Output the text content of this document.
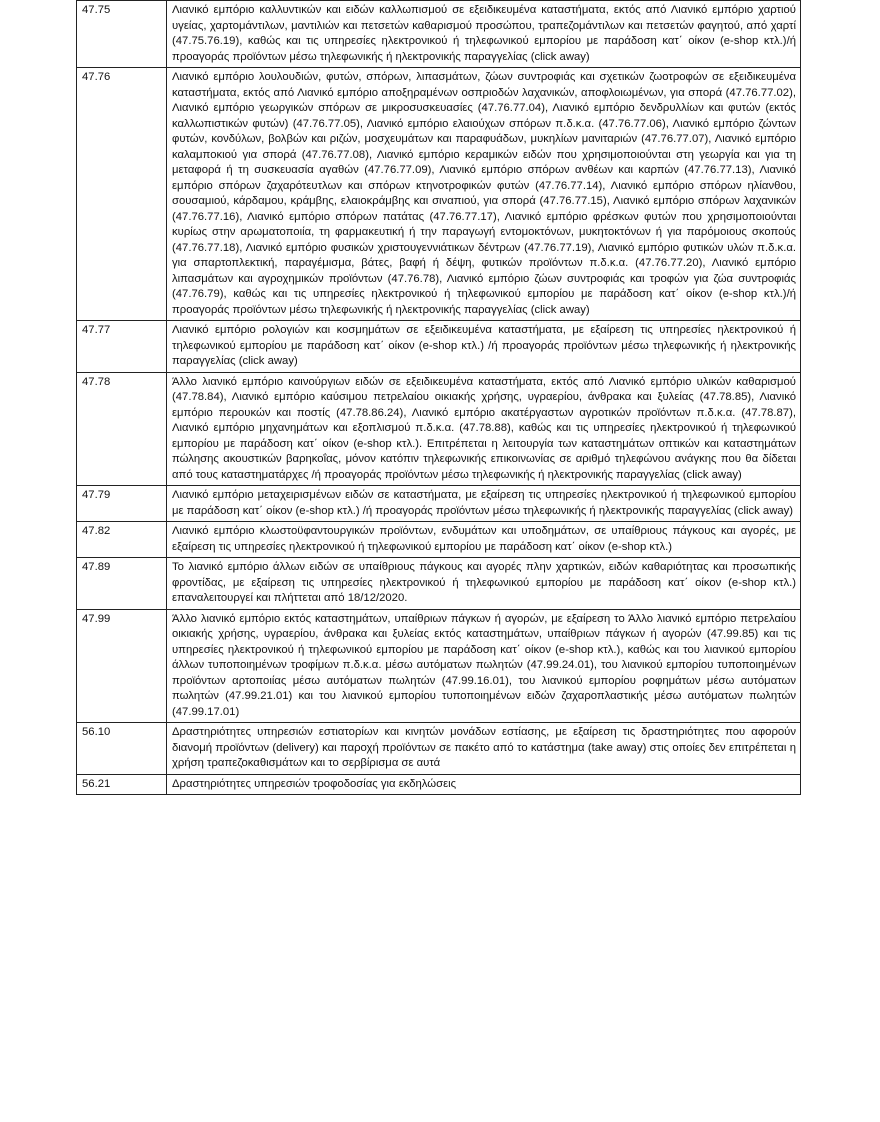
47.75	Λιανικό εμπόριο καλλυντικών και ειδών καλλωπισμού σε εξειδικευμένα καταστήματα, εκτός από Λιανικό εμπόριο χαρτιού υγείας, χαρτομάντιλων, μαντιλιών και πετσετών καθαρισμού προσώπου, τραπεζομάντιλων και πετσετών φαγητού, από χαρτί (47.75.76.19), καθώς και τις υπηρεσίες ηλεκτρονικού ή τηλεφωνικού εμπορίου με παράδοση κατ΄ οίκον (e-shop κτλ.)/ή προαγοράς προϊόντων μέσω τηλεφωνικής ή ηλεκτρονικής παραγγελίας (click away)
47.76	Λιανικό εμπόριο λουλουδιών, φυτών, σπόρων, λιπασμάτων, ζώων συντροφιάς και σχετικών ζωοτροφών σε εξειδικευμένα καταστήματα, εκτός από Λιανικό εμπόριο αποξηραμένων οσπριοδών λαχανικών, αποφλοιωμένων, για σπορά (47.76.77.02), Λιανικό εμπόριο γεωργικών σπόρων σε μικροσυσκευασίες (47.76.77.04), Λιανικό εμπόριο δενδρυλλίων και φυτών (εκτός καλλωπιστικών φυτών) (47.76.77.05), Λιανικό εμπόριο ελαιούχων σπόρων π.δ.κ.α. (47.76.77.06), Λιανικό εμπόριο ζώντων φυτών, κονδύλων, βολβών και ριζών, μοσχευμάτων και παραφυάδων, μυκηλίων μανιταριών (47.76.77.07), Λιανικό εμπόριο καλαμποκιού για σπορά (47.76.77.08), Λιανικό εμπόριο κεραμικών ειδών που χρησιμοποιούνται στη γεωργία και για τη μεταφορά ή τη συσκευασία αγαθών (47.76.77.09), Λιανικό εμπόριο σπόρων ανθέων και καρπών (47.76.77.13), Λιανικό εμπόριο σπόρων ζαχαρότευτλων και σπόρων κτηνοτροφικών φυτών (47.76.77.14), Λιανικό εμπόριο σπόρων ηλίανθου, σουσαμιού, κάρδαμου, κράμβης, ελαιοκράμβης και σιναπιού, για σπορά (47.76.77.15), Λιανικό εμπόριο σπόρων λαχανικών (47.76.77.16), Λιανικό εμπόριο σπόρων πατάτας (47.76.77.17), Λιανικό εμπόριο φρέσκων φυτών που χρησιμοποιούνται κυρίως στην αρωματοποιία, τη φαρμακευτική ή την παραγωγή εντομοκτόνων, μυκητοκτόνων ή για παρόμοιους σκοπούς (47.76.77.18), Λιανικό εμπόριο φυσικών χριστουγεννιάτικων δέντρων (47.76.77.19), Λιανικό εμπόριο φυτικών υλών π.δ.κ.α. για σπαρτοπλεκτική, παραγέμισμα, βάτες, βαφή ή δέψη, φυτικών προϊόντων π.δ.κ.α. (47.76.77.20), Λιανικό εμπόριο λιπασμάτων και αγροχημικών προϊόντων (47.76.78), Λιανικό εμπόριο ζώων συντροφιάς και τροφών για ζώα συντροφιάς (47.76.79), καθώς και τις υπηρεσίες ηλεκτρονικού ή τηλεφωνικού εμπορίου με παράδοση κατ΄ οίκον (e-shop κτλ.)/ή προαγοράς προϊόντων μέσω τηλεφωνικής ή ηλεκτρονικής παραγγελίας (click away)
47.77	Λιανικό εμπόριο ρολογιών και κοσμημάτων σε εξειδικευμένα καταστήματα, με εξαίρεση τις υπηρεσίες ηλεκτρονικού ή τηλεφωνικού εμπορίου με παράδοση κατ΄ οίκον (e-shop κτλ.) /ή προαγοράς προϊόντων μέσω τηλεφωνικής ή ηλεκτρονικής παραγγελίας (click away)
47.78	Άλλο λιανικό εμπόριο καινούργιων ειδών σε εξειδικευμένα καταστήματα, εκτός από Λιανικό εμπόριο υλικών καθαρισμού (47.78.84), Λιανικό εμπόριο καύσιμου πετρελαίου οικιακής χρήσης, υγραερίου, άνθρακα και ξυλείας (47.78.85), Λιανικό εμπόριο περουκών και ποστίς (47.78.86.24), Λιανικό εμπόριο ακατέργαστων αγροτικών προϊόντων π.δ.κ.α. (47.78.87), Λιανικό εμπόριο μηχανημάτων και εξοπλισμού π.δ.κ.α. (47.78.88), καθώς και τις υπηρεσίες ηλεκτρονικού ή τηλεφωνικού εμπορίου με παράδοση κατ΄ οίκον (e-shop κτλ.). Επιτρέπεται η λειτουργία των καταστημάτων οπτικών και καταστημάτων πώλησης ακουστικών βαρηκοΐας, μόνον κατόπιν τηλεφωνικής επικοινωνίας σε αριθμό τηλεφώνου ανάγκης που θα δίδεται από τους καταστηματάρχες /ή προαγοράς προϊόντων μέσω τηλεφωνικής ή ηλεκτρονικής παραγγελίας (click away)
47.79	Λιανικό εμπόριο μεταχειρισμένων ειδών σε καταστήματα, με εξαίρεση τις υπηρεσίες ηλεκτρονικού ή τηλεφωνικού εμπορίου με παράδοση κατ΄ οίκον (e-shop κτλ.) /ή προαγοράς προϊόντων μέσω τηλεφωνικής ή ηλεκτρονικής παραγγελίας (click away)
47.82	Λιανικό εμπόριο κλωστοϋφαντουργικών προϊόντων, ενδυμάτων και υποδημάτων, σε υπαίθριους πάγκους και αγορές, με εξαίρεση τις υπηρεσίες ηλεκτρονικού ή τηλεφωνικού εμπορίου με παράδοση κατ΄ οίκον (e-shop κτλ.)
47.89	Το λιανικό εμπόριο άλλων ειδών σε υπαίθριους πάγκους και αγορές πλην χαρτικών, ειδών καθαριότητας και προσωπικής φροντίδας, με εξαίρεση τις υπηρεσίες ηλεκτρονικού ή τηλεφωνικού εμπορίου με παράδοση κατ΄ οίκον (e-shop κτλ.) επαναλειτουργεί και πλήττεται από 18/12/2020.
47.99	Άλλο λιανικό εμπόριο εκτός καταστημάτων, υπαίθριων πάγκων ή αγορών, με εξαίρεση το Άλλο λιανικό εμπόριο πετρελαίου οικιακής χρήσης, υγραερίου, άνθρακα και ξυλείας εκτός καταστημάτων, υπαίθριων πάγκων ή αγορών (47.99.85) και τις υπηρεσίες ηλεκτρονικού ή τηλεφωνικού εμπορίου με παράδοση κατ΄ οίκον (e-shop κτλ.), καθώς και του λιανικού εμπορίου άλλων τυποποιημένων τροφίμων π.δ.κ.α. μέσω αυτόματων πωλητών (47.99.24.01), του λιανικού εμπορίου τυποποιημένων προϊόντων αρτοποιίας μέσω αυτόματων πωλητών (47.99.16.01), του λιανικού εμπορίου ροφημάτων μέσω αυτόματων πωλητών (47.99.21.01) και του λιανικού εμπορίου τυποποιημένων ειδών ζαχαροπλαστικής μέσω αυτόματων πωλητών (47.99.17.01)
56.10	Δραστηριότητες υπηρεσιών εστιατορίων και κινητών μονάδων εστίασης, με εξαίρεση τις δραστηριότητες που αφορούν διανομή προϊόντων (delivery) και παροχή προϊόντων σε πακέτο από το κατάστημα (take away) στις οποίες δεν επιτρέπεται η χρήση τραπεζοκαθισμάτων και το σερβίρισμα σε αυτά
56.21	Δραστηριότητες υπηρεσιών τροφοδοσίας για εκδηλώσεις
